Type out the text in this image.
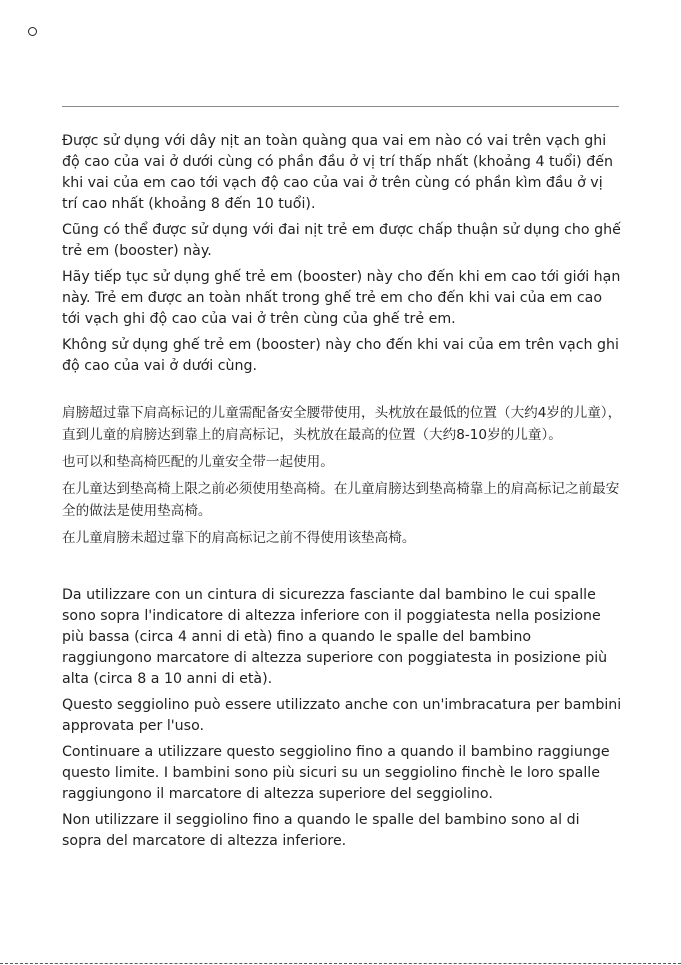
Được sử dụng với dây nịt an toàn quàng qua vai em nào có vai trên vạch ghi độ cao của vai ở dưới cùng có phần đầu ở vị trí thấp nhất (khoảng 4 tuổi) đến khi vai của em cao tới vạch độ cao của vai ở trên cùng có phần kìm đầu ở vị trí cao nhất (khoảng 8 đến 10 tuổi).

Cũng có thể được sử dụng với đai nịt trẻ em được chấp thuận sử dụng cho ghế trẻ em (booster) này.

Hãy tiếp tục sử dụng ghế trẻ em (booster) này cho đến khi em cao tới giới hạn này. Trẻ em được an toàn nhất trong ghế trẻ em cho đến khi vai của em cao tới vạch ghi độ cao của vai ở trên cùng của ghế trẻ em.

Không sử dụng ghế trẻ em (booster) này cho đến khi vai của em trên vạch ghi độ cao của vai ở dưới cùng.

肩膀超过靠下肩高标记的儿童需配备安全腰带使用，头枕放在最低的位置（大约4岁的儿童），直到儿童的肩膀达到靠上的肩高标记，头枕放在最高的位置（大约8-10岁的儿童）。

也可以和垫高椅匹配的儿童安全带一起使用。

在儿童达到垫高椅上限之前必须使用垫高椅。在儿童肩膀达到垫高椅靠上的肩高标记之前最安全的做法是使用垫高椅。

在儿童肩膀未超过靠下的肩高标记之前不得使用该垫高椅。

Da utilizzare con un cintura di sicurezza fasciante dal bambino le cui spalle sono sopra l'indicatore di altezza inferiore con il poggiatesta nella posizione più bassa (circa 4 anni di età) fino a quando le spalle del bambino raggiungono marcatore di altezza superiore con poggiatesta in posizione più alta (circa 8 a 10 anni di età).

Questo seggiolino può essere utilizzato anche con un'imbracatura per bambini approvata per l'uso.

Continuare a utilizzare questo seggiolino fino a quando il bambino raggiunge questo limite. I bambini sono più sicuri su un seggiolino finchè le loro spalle raggiungono il marcatore di altezza superiore del seggiolino.

Non utilizzare il seggiolino fino a quando le spalle del bambino sono al di sopra del marcatore di altezza inferiore.
